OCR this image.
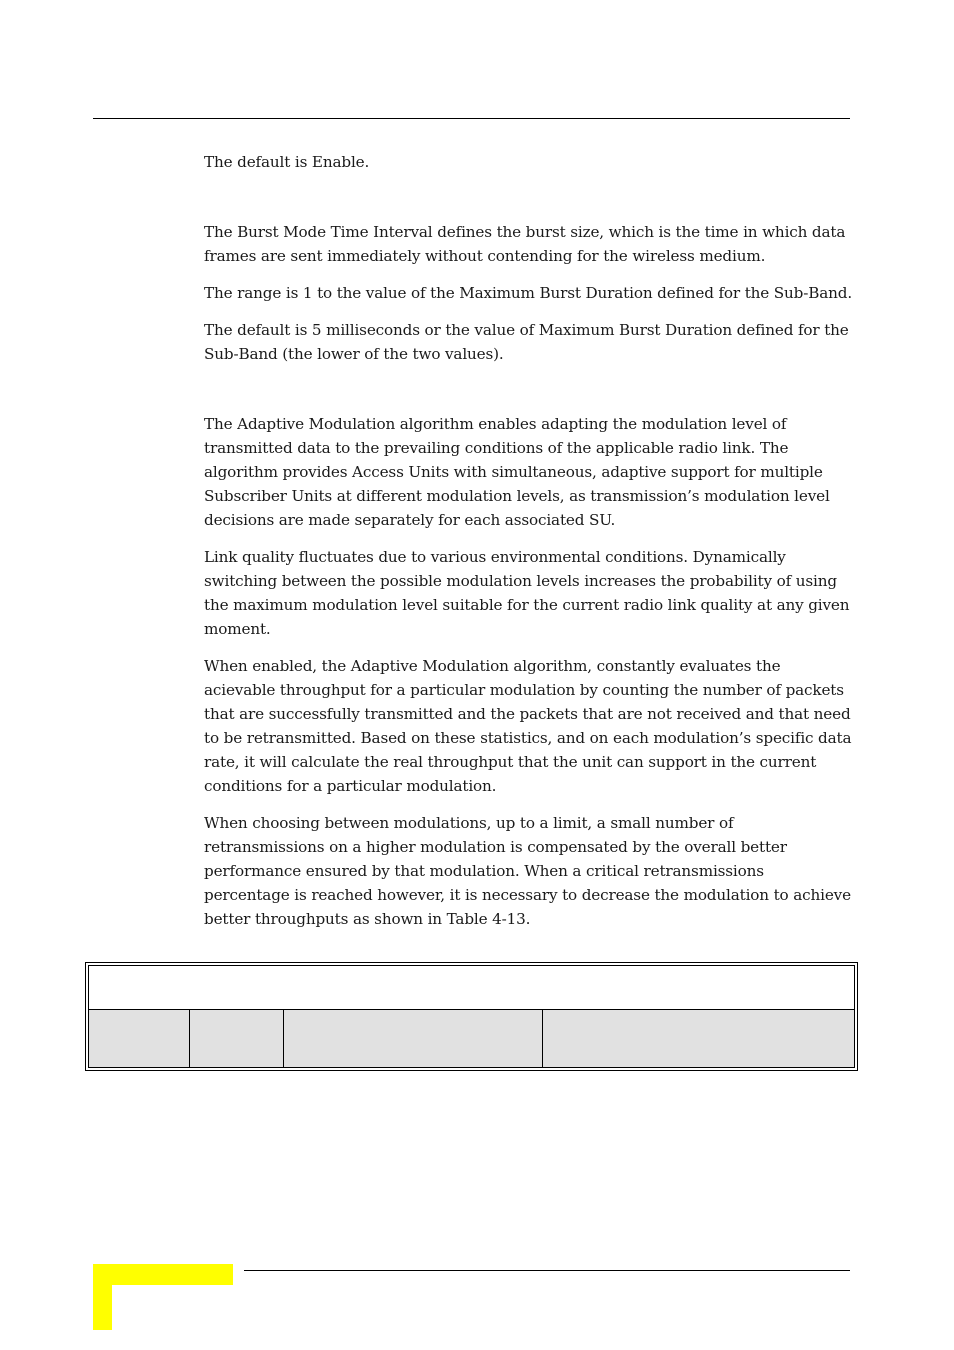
The default is Enable.

The Burst Mode Time Interval defines the burst size, which is the time in which data frames are sent immediately without contending for the wireless medium.

The range is 1 to the value of the Maximum Burst Duration defined for the Sub-Band.

The default is 5 milliseconds or the value of Maximum Burst Duration defined for the Sub-Band (the lower of the two values).

The Adaptive Modulation algorithm enables adapting the modulation level of transmitted data to the prevailing conditions of the applicable radio link. The algorithm provides Access Units with simultaneous, adaptive support for multiple Subscriber Units at different modulation levels, as transmission’s modulation level decisions are made separately for each associated SU.

Link quality fluctuates due to various environmental conditions. Dynamically switching between the possible modulation levels increases the probability of using the maximum modulation level suitable for the current radio link quality at any given moment.

When enabled, the Adaptive Modulation algorithm, constantly evaluates the acievable throughput for a particular modulation by counting the number of packets that are successfully transmitted and the packets that are not received and that need to be retransmitted. Based on these statistics, and on each modulation’s specific data rate, it will calculate the real throughput that the unit can support in the current conditions for a particular modulation.

When choosing between modulations, up to a limit, a small number of retransmissions on a higher modulation is compensated by the overall better performance ensured by that modulation. When a critical retransmissions percentage is reached however, it is necessary to decrease the modulation to achieve better throughputs as shown in Table 4-13.
